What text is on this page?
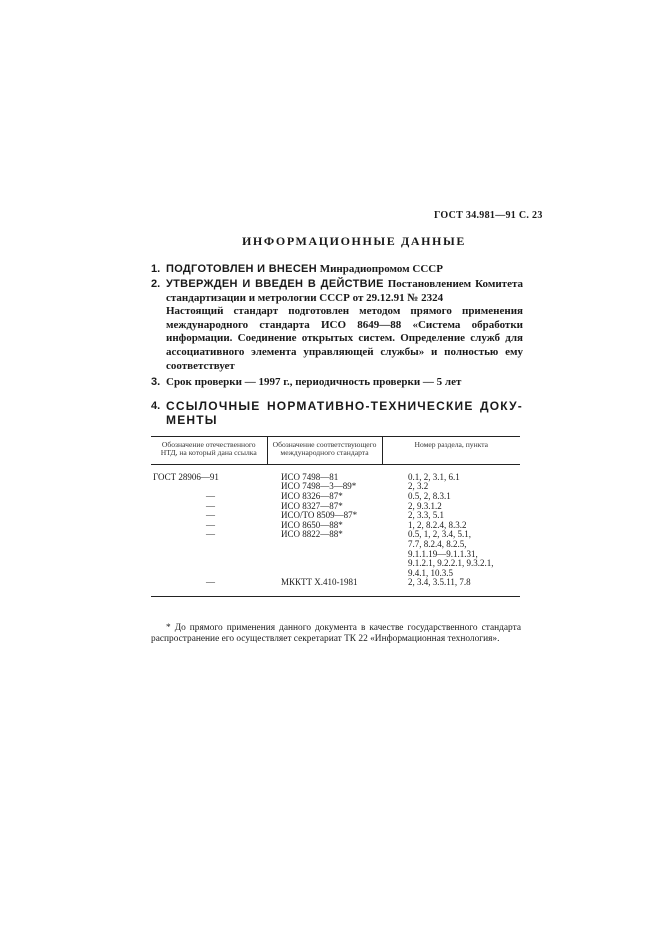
ГОСТ 34.981—91 С. 23
ИНФОРМАЦИОННЫЕ ДАННЫЕ
1. ПОДГОТОВЛЕН И ВНЕСЕН Минрадиопромом СССР
2. УТВЕРЖДЕН И ВВЕДЕН В ДЕЙСТВИЕ Постановлением Комитета стандартизации и метрологии СССР от 29.12.91 № 2324
Настоящий стандарт подготовлен методом прямого применения международного стандарта ИСО 8649—88 «Система обработки информации. Соединение открытых систем. Определение служб для ассоциативного элемента управляющей службы» и полностью ему соответствует
3. Срок проверки — 1997 г., периодичность проверки — 5 лет
4. ССЫЛОЧНЫЕ НОРМАТИВНО-ТЕХНИЧЕСКИЕ ДОКУ-
МЕНТЫ
Обозначение отечественного НТД, на который дана ссылка	Обозначение соответствующего международного стандарта	Номер раздела, пункта
ГОСТ 28906—91	ИСО 7498—81	0.1, 2, 3.1, 6.1
	ИСО 7498—3—89*	2, 3.2
—	ИСО 8326—87*	0.5, 2, 8.3.1
—	ИСО 8327—87*	2, 9.3.1.2
—	ИСО/ТО 8509—87*	2, 3.3, 5.1
—	ИСО 8650—88*	1, 2, 8.2.4, 8.3.2
—	ИСО 8822—88*	0.5, 1, 2, 3.4, 5.1,
		7.7, 8.2.4, 8.2.5,
		9.1.1.19—9.1.1.31,
		9.1.2.1, 9.2.2.1, 9.3.2.1,
		9.4.1, 10.3.5
—	МККТТ Х.410-1981	2, 3.4, 3.5.11, 7.8
* До прямого применения данного документа в качестве государственного стандарта распространение его осуществляет секретариат ТК 22 «Информационная технология».
